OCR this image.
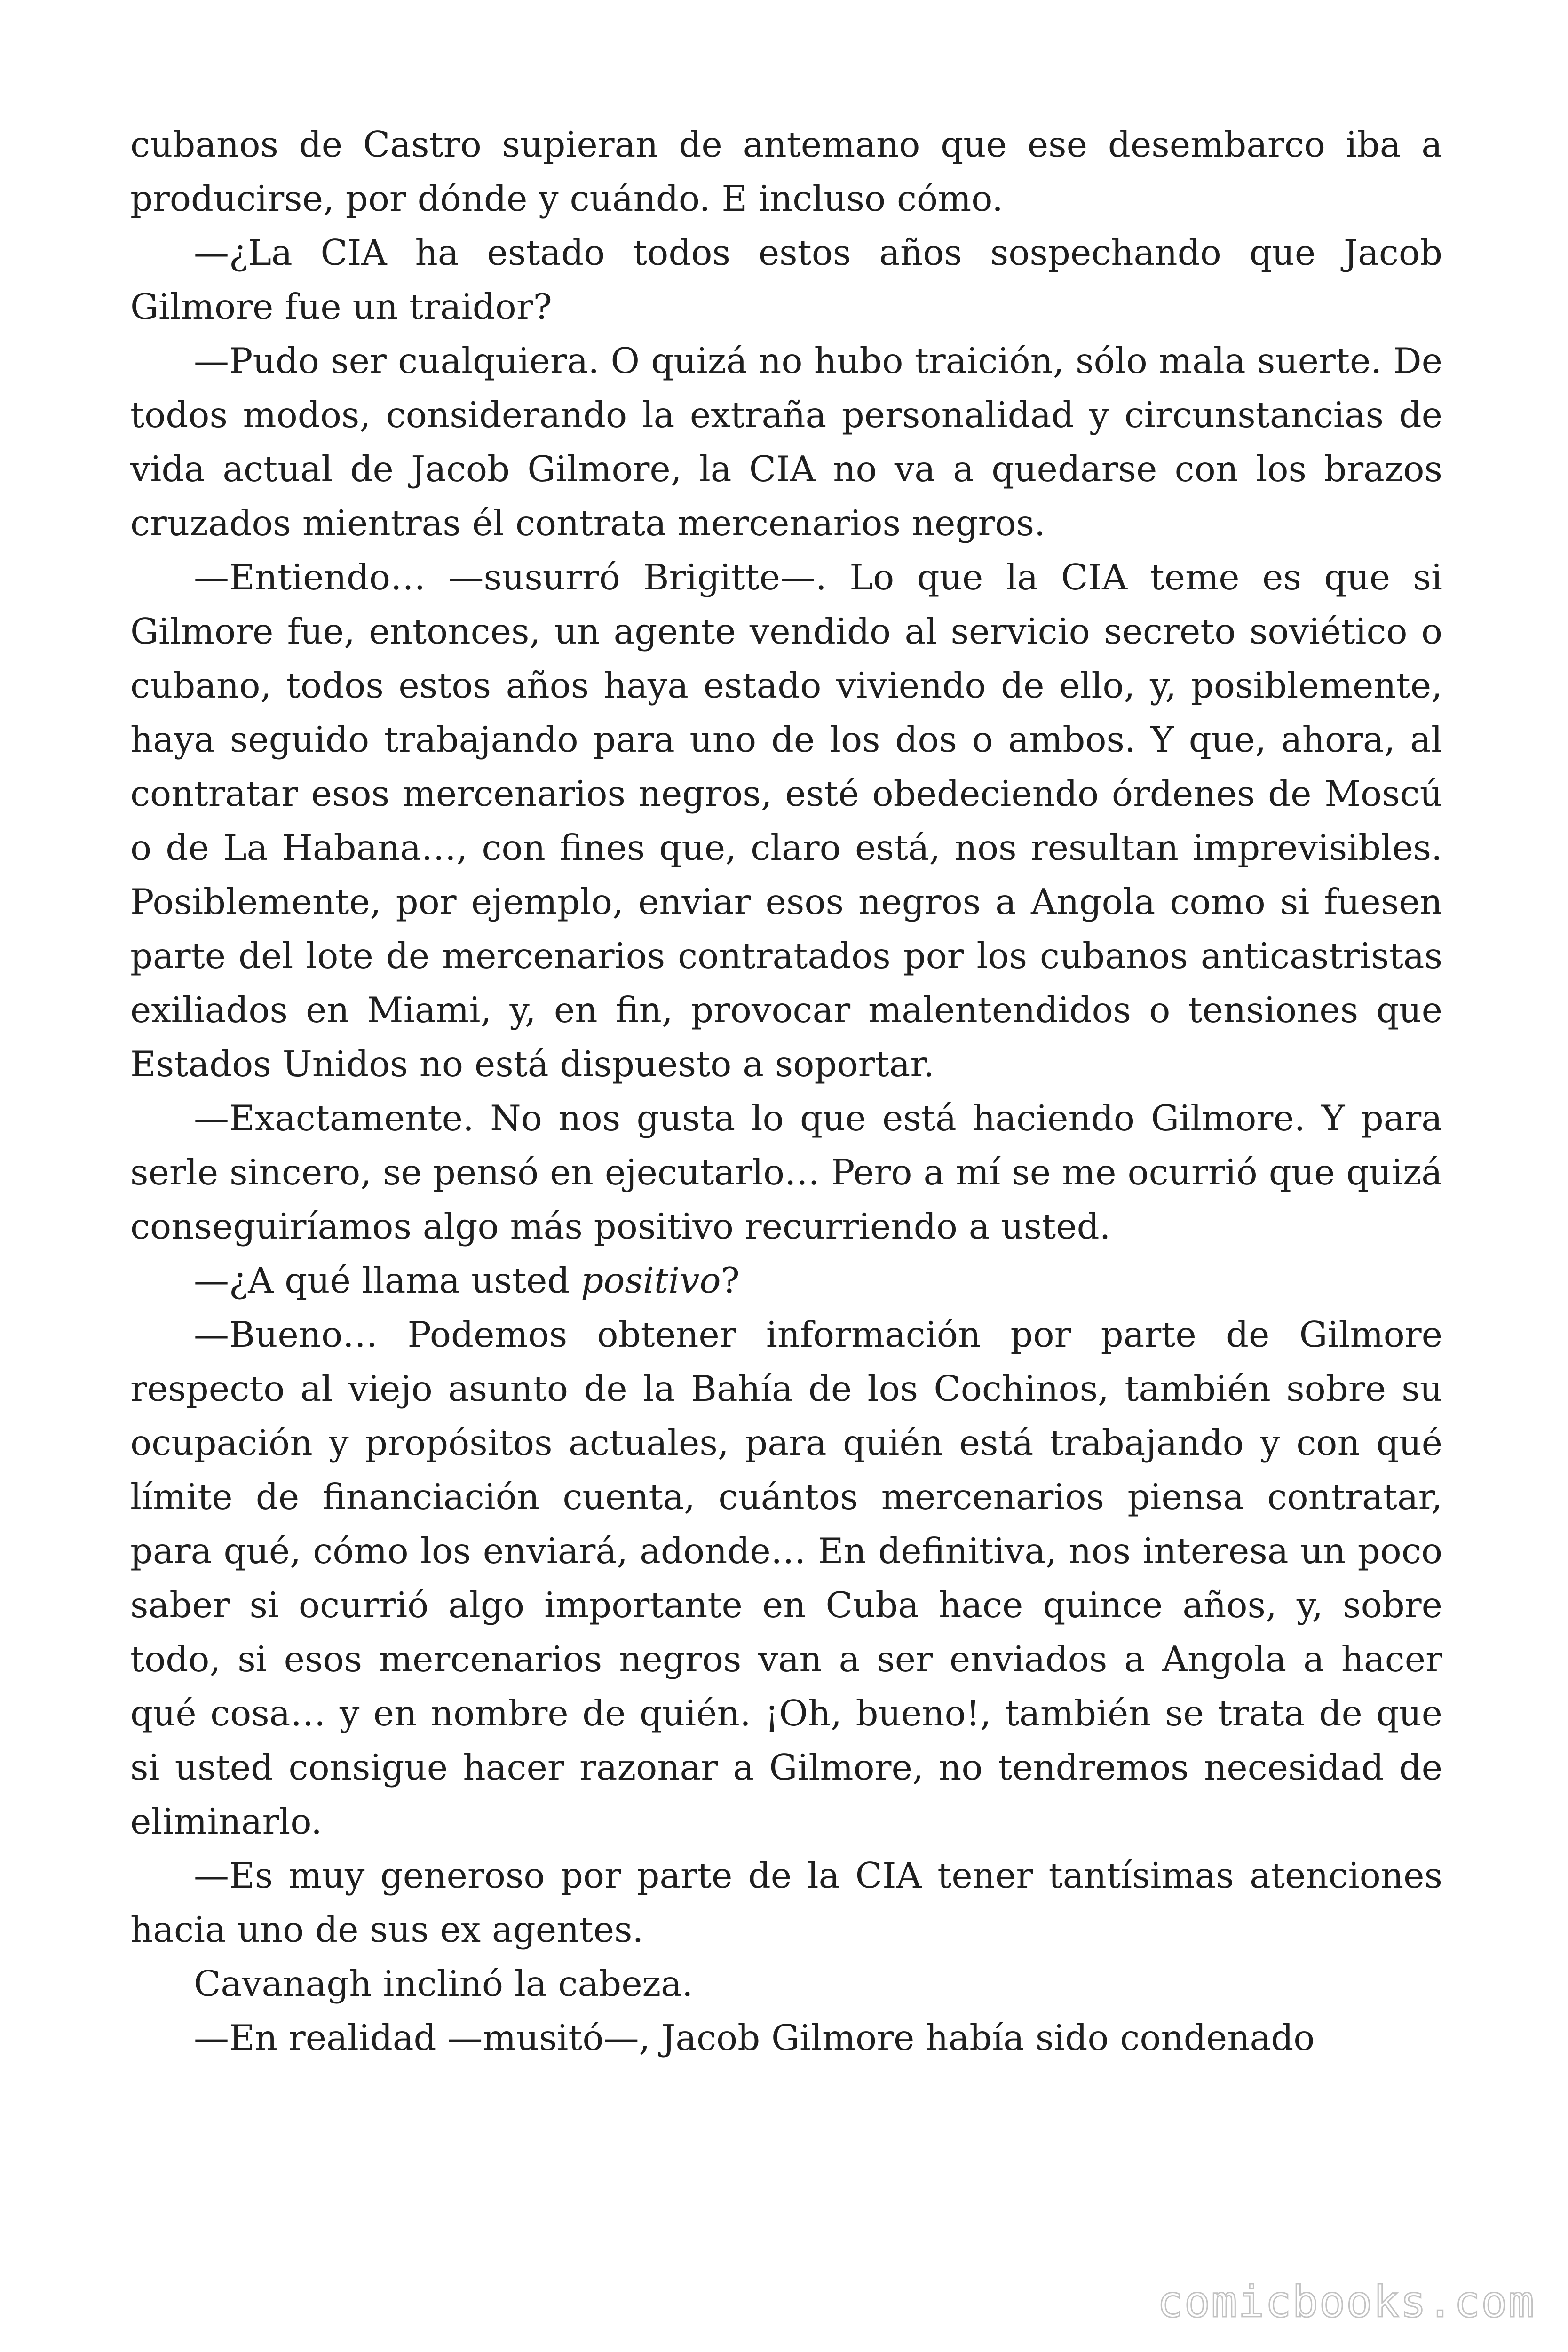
cubanos de Castro supieran de antemano que ese desembarco iba a producirse, por dónde y cuándo. E incluso cómo.

—¿La CIA ha estado todos estos años sospechando que Jacob Gilmore fue un traidor?

—Pudo ser cualquiera. O quizá no hubo traición, sólo mala suerte. De todos modos, considerando la extraña personalidad y circunstancias de vida actual de Jacob Gilmore, la CIA no va a quedarse con los brazos cruzados mientras él contrata mercenarios negros.

—Entiendo… —susurró Brigitte—. Lo que la CIA teme es que si Gilmore fue, entonces, un agente vendido al servicio secreto soviético o cubano, todos estos años haya estado viviendo de ello, y, posiblemente, haya seguido trabajando para uno de los dos o ambos. Y que, ahora, al contratar esos mercenarios negros, esté obedeciendo órdenes de Moscú o de La Habana…, con fines que, claro está, nos resultan imprevisibles. Posiblemente, por ejemplo, enviar esos negros a Angola como si fuesen parte del lote de mercenarios contratados por los cubanos anticastristas exiliados en Miami, y, en fin, provocar malentendidos o tensiones que Estados Unidos no está dispuesto a soportar.

—Exactamente. No nos gusta lo que está haciendo Gilmore. Y para serle sincero, se pensó en ejecutarlo… Pero a mí se me ocurrió que quizá conseguiríamos algo más positivo recurriendo a usted.

—¿A qué llama usted positivo?

—Bueno… Podemos obtener información por parte de Gilmore respecto al viejo asunto de la Bahía de los Cochinos, también sobre su ocupación y propósitos actuales, para quién está trabajando y con qué límite de financiación cuenta, cuántos mercenarios piensa contratar, para qué, cómo los enviará, adonde… En definitiva, nos interesa un poco saber si ocurrió algo importante en Cuba hace quince años, y, sobre todo, si esos mercenarios negros van a ser enviados a Angola a hacer qué cosa… y en nombre de quién. ¡Oh, bueno!, también se trata de que si usted consigue hacer razonar a Gilmore, no tendremos necesidad de eliminarlo.

—Es muy generoso por parte de la CIA tener tantísimas atenciones hacia uno de sus ex agentes.

Cavanagh inclinó la cabeza.

—En realidad —musitó—, Jacob Gilmore había sido condenado

comicbooks.com
